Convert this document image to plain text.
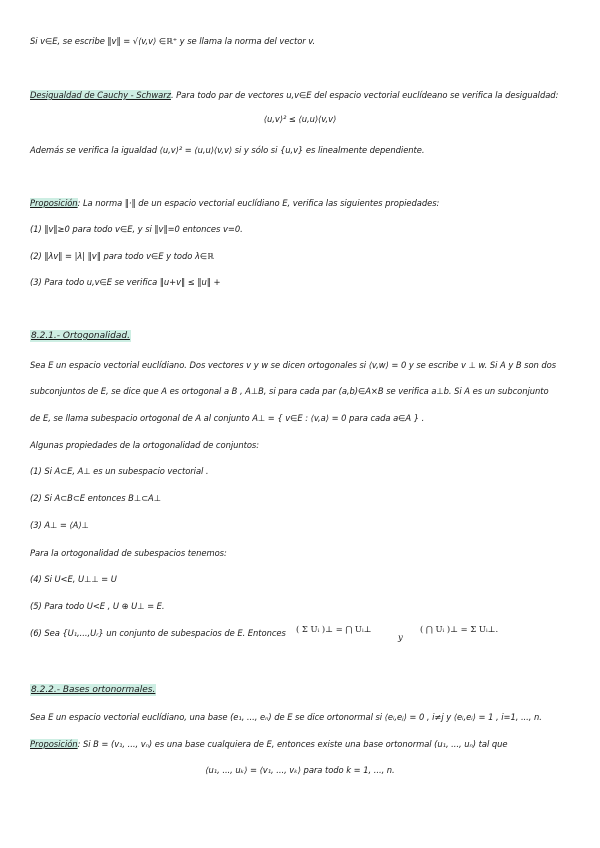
Si v∈E, se escribe ‖v‖ = √⟨v,v⟩ ∈ℝ⁺ y se llama la norma del vector v.
Desigualdad de Cauchy - Schwarz. Para todo par de vectores u,v∈E del espacio vectorial euclídeano se verifica la desigualdad:
⟨u,v⟩² ≤ ⟨u,u⟩⟨v,v⟩
Además se verifica la igualdad ⟨u,v⟩² = ⟨u,u⟩⟨v,v⟩ si y sólo si {u,v} es linealmente dependiente.
Proposición: La norma ‖·‖ de un espacio vectorial euclídiano E, verifica las siguientes propiedades:
(1) ‖v‖≥0 para todo v∈E, y si ‖v‖=0 entonces v=0.
(2) ‖λv‖ = |λ| ‖v‖ para todo v∈E y todo λ∈ℝ
(3) Para todo u,v∈E se verifica ‖u+v‖ ≤ ‖u‖ +
8.2.1.- Ortogonalidad.
Sea E un espacio vectorial euclídiano. Dos vectores v y w se dicen ortogonales si ⟨v,w⟩ = 0 y se escribe v ⊥ w. Si A y B son dos
subconjuntos de E, se dice que A es ortogonal a B , A⊥B, si para cada par (a,b)∈A×B se verifica a⊥b. Si A es un subconjunto
de E, se llama subespacio ortogonal de A al conjunto A⊥ = { v∈E : ⟨v,a⟩ = 0 para cada a∈A } .
Algunas propiedades de la ortogonalidad de conjuntos:
(1) Si A⊂E, A⊥ es un subespacio vectorial .
(2) Si A⊂B⊂E entonces B⊥⊂A⊥
(3) A⊥ = ⟨A⟩⊥
Para la ortogonalidad de subespacios tenemos:
(4) Si U<E, U⊥⊥ = U
(5) Para todo U<E , U ⊕ U⊥ = E.
(6) Sea {U₁,...,Uᵣ} un conjunto de subespacios de E. Entonces ( Σ Uᵢ )⊥ = ⋂ Uᵢ⊥
y
( ⋂ Uᵢ )⊥ = Σ Uᵢ⊥.
8.2.2.- Bases ortonormales.
Sea E un espacio vectorial euclídiano, una base (e₁, ..., eₙ) de E se dice ortonormal si ⟨eᵢ,eⱼ⟩ = 0 , i≠j y ⟨eᵢ,eᵢ⟩ = 1 , i=1, ..., n.
Proposición: Si B = (v₁, ..., vₙ) es una base cualquiera de E, entonces existe una base ortonormal (u₁, ..., uₙ) tal que
⟨u₁, ..., uₖ⟩ = ⟨v₁, ..., vₖ⟩ para todo k = 1, ..., n.
